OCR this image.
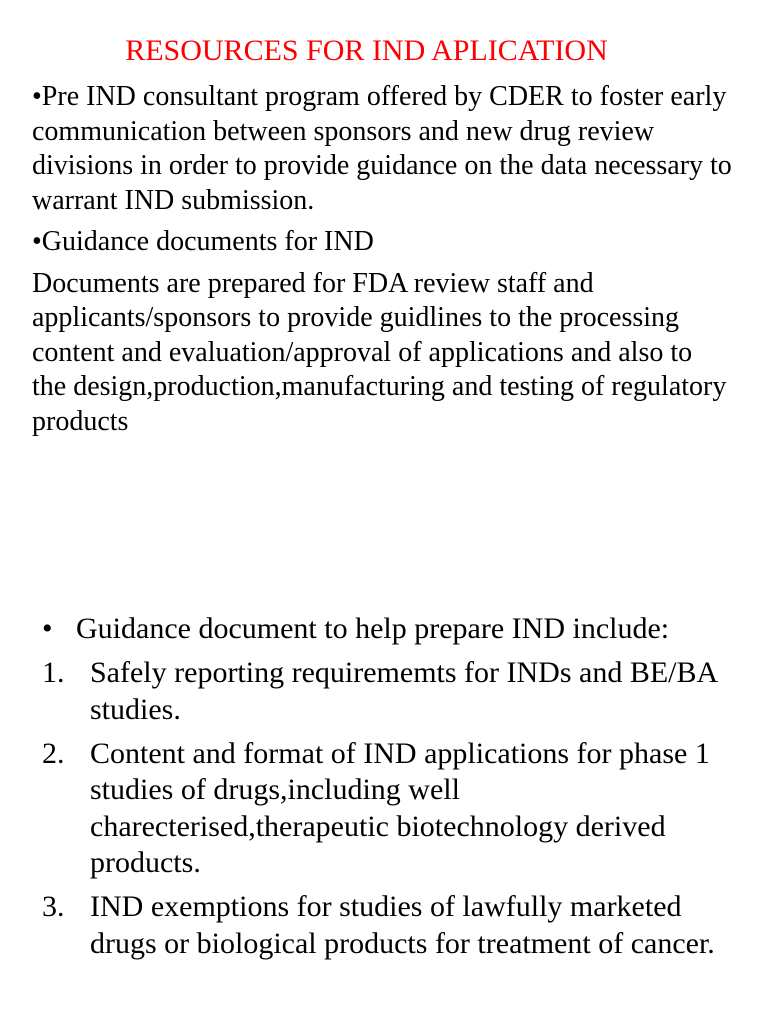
RESOURCES FOR IND APLICATION

•Pre IND consultant program offered by CDER to foster early communication between sponsors and new drug review divisions in order to provide guidance on the data necessary to warrant IND submission.

•Guidance documents for IND

Documents are prepared for FDA review staff and applicants/sponsors to provide guidlines to the processing content and evaluation/approval of applications and also to the design,production,manufacturing and testing of regulatory products

• Guidance document to help prepare IND include:
1. Safely reporting requirememts for INDs and BE/BA studies.
2. Content and format of IND applications for phase 1 studies of drugs,including well charecterised,therapeutic biotechnology derived products.
3. IND exemptions for studies of lawfully marketed drugs or biological products for treatment of cancer.
